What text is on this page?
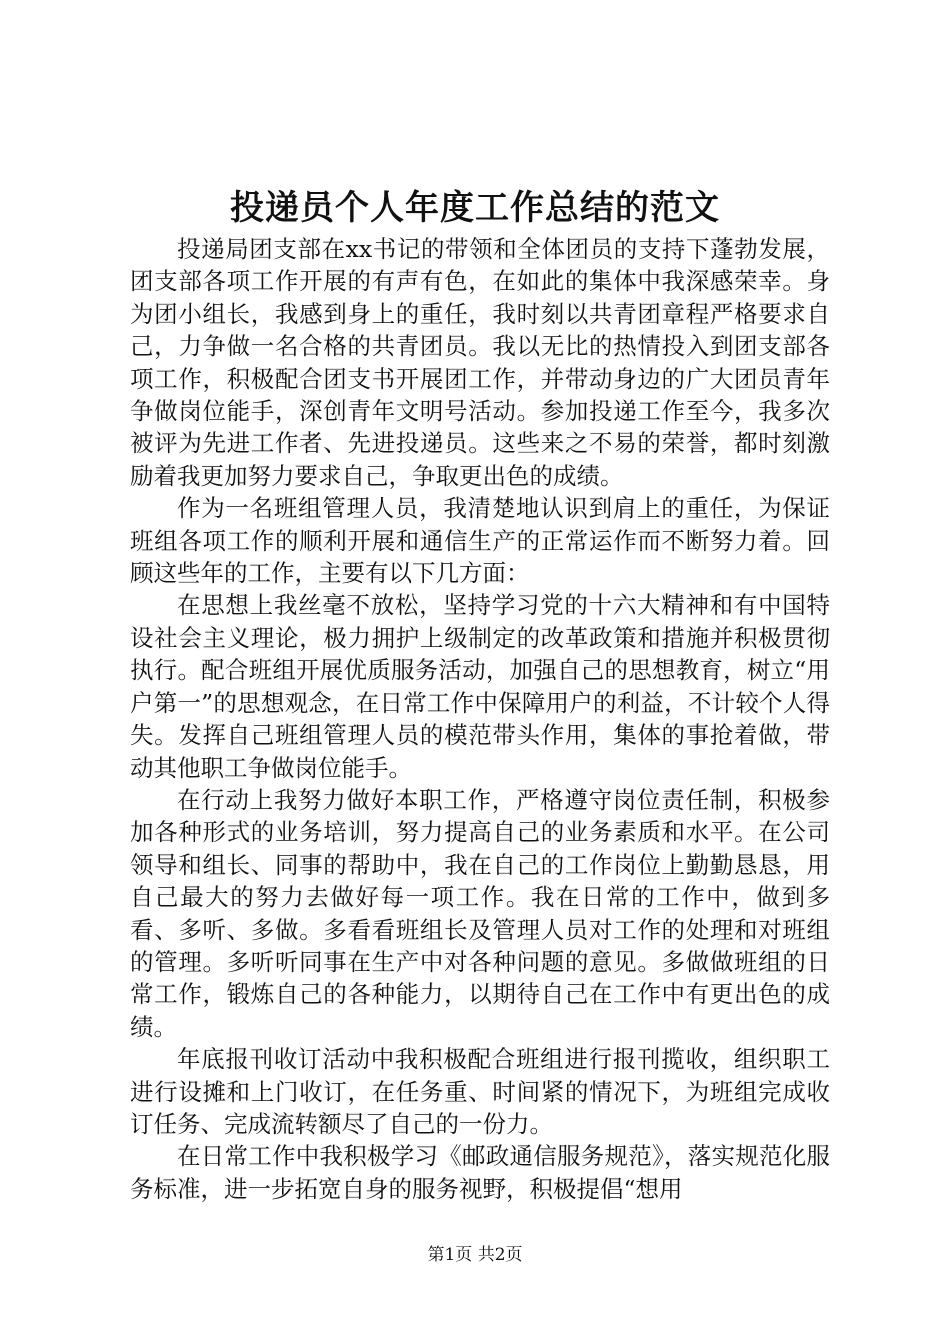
投递员个人年度工作总结的范文

投递局团支部在xx书记的带领和全体团员的支持下蓬勃发展，团支部各项工作开展的有声有色，在如此的集体中我深感荣幸。身为团小组长，我感到身上的重任，我时刻以共青团章程严格要求自己，力争做一名合格的共青团员。我以无比的热情投入到团支部各项工作，积极配合团支书开展团工作，并带动身边的广大团员青年争做岗位能手，深创青年文明号活动。参加投递工作至今，我多次被评为先进工作者、先进投递员。这些来之不易的荣誉，都时刻激励着我更加努力要求自己，争取更出色的成绩。

作为一名班组管理人员，我清楚地认识到肩上的重任，为保证班组各项工作的顺利开展和通信生产的正常运作而不断努力着。回顾这些年的工作，主要有以下几方面：

在思想上我丝毫不放松，坚持学习党的十六大精神和有中国特设社会主义理论，极力拥护上级制定的改革政策和措施并积极贯彻执行。配合班组开展优质服务活动，加强自己的思想教育，树立“用户第一”的思想观念，在日常工作中保障用户的利益，不计较个人得失。发挥自己班组管理人员的模范带头作用，集体的事抢着做，带动其他职工争做岗位能手。

在行动上我努力做好本职工作，严格遵守岗位责任制，积极参加各种形式的业务培训，努力提高自己的业务素质和水平。在公司领导和组长、同事的帮助中，我在自己的工作岗位上勤勤恳恳，用自己最大的努力去做好每一项工作。我在日常的工作中，做到多看、多听、多做。多看看班组长及管理人员对工作的处理和对班组的管理。多听听同事在生产中对各种问题的意见。多做做班组的日常工作，锻炼自己的各种能力，以期待自己在工作中有更出色的成绩。

年底报刊收订活动中我积极配合班组进行报刊揽收，组织职工进行设摊和上门收订，在任务重、时间紧的情况下，为班组完成收订任务、完成流转额尽了自己的一份力。

在日常工作中我积极学习《邮政通信服务规范》，落实规范化服务标准，进一步拓宽自身的服务视野，积极提倡“想用

第1页 共2页
